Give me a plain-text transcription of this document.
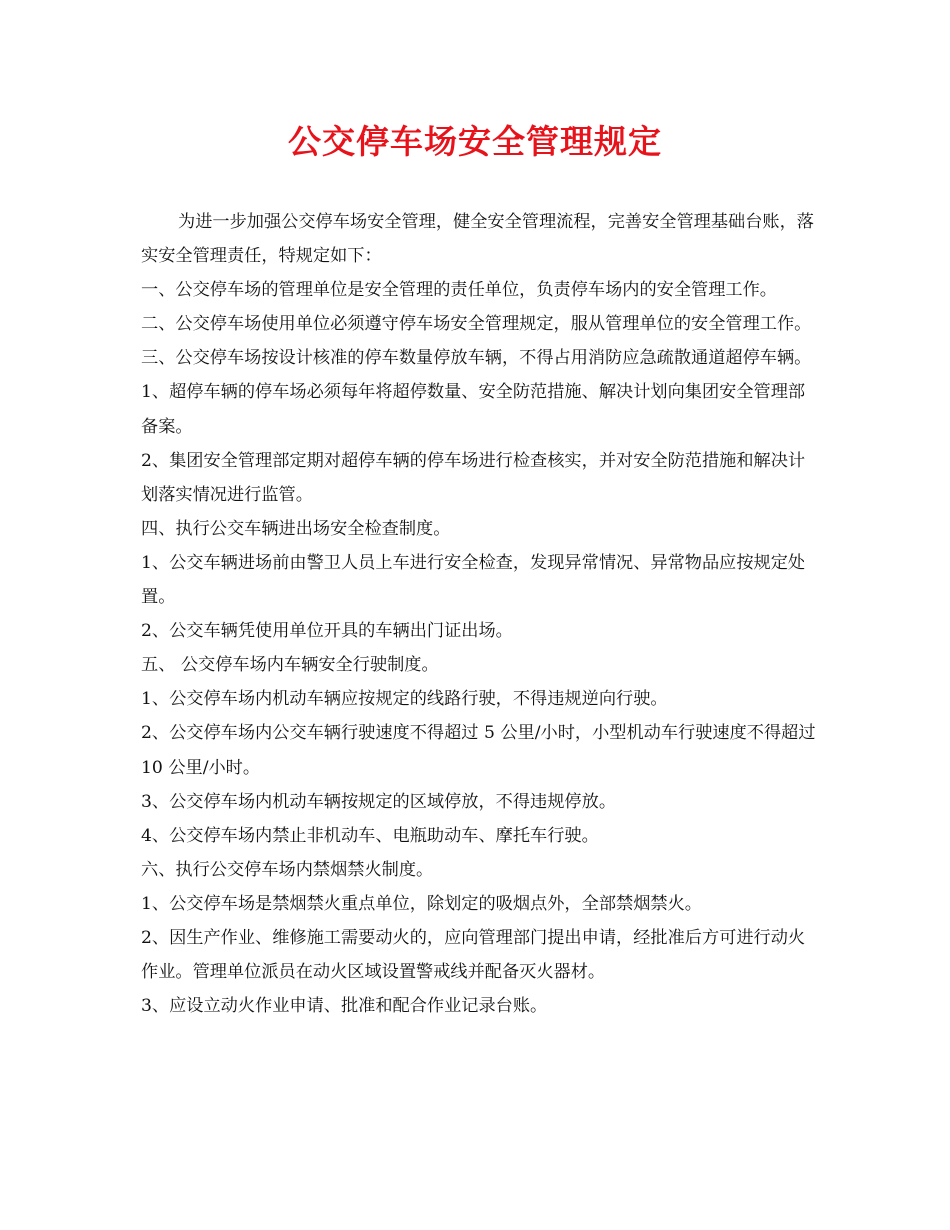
公交停车场安全管理规定

为进一步加强公交停车场安全管理，健全安全管理流程，完善安全管理基础台账，落实安全管理责任，特规定如下：

一、公交停车场的管理单位是安全管理的责任单位，负责停车场内的安全管理工作。

二、公交停车场使用单位必须遵守停车场安全管理规定，服从管理单位的安全管理工作。

三、公交停车场按设计核准的停车数量停放车辆，不得占用消防应急疏散通道超停车辆。

1、超停车辆的停车场必须每年将超停数量、安全防范措施、解决计划向集团安全管理部备案。

2、集团安全管理部定期对超停车辆的停车场进行检查核实，并对安全防范措施和解决计划落实情况进行监管。

四、执行公交车辆进出场安全检查制度。

1、公交车辆进场前由警卫人员上车进行安全检查，发现异常情况、异常物品应按规定处置。

2、公交车辆凭使用单位开具的车辆出门证出场。

五、 公交停车场内车辆安全行驶制度。

1、公交停车场内机动车辆应按规定的线路行驶，不得违规逆向行驶。

2、公交停车场内公交车辆行驶速度不得超过 5 公里/小时，小型机动车行驶速度不得超过 10 公里/小时。

3、公交停车场内机动车辆按规定的区域停放，不得违规停放。

4、公交停车场内禁止非机动车、电瓶助动车、摩托车行驶。

六、执行公交停车场内禁烟禁火制度。

1、公交停车场是禁烟禁火重点单位，除划定的吸烟点外，全部禁烟禁火。

2、因生产作业、维修施工需要动火的，应向管理部门提出申请，经批准后方可进行动火作业。管理单位派员在动火区域设置警戒线并配备灭火器材。

3、应设立动火作业申请、批准和配合作业记录台账。
